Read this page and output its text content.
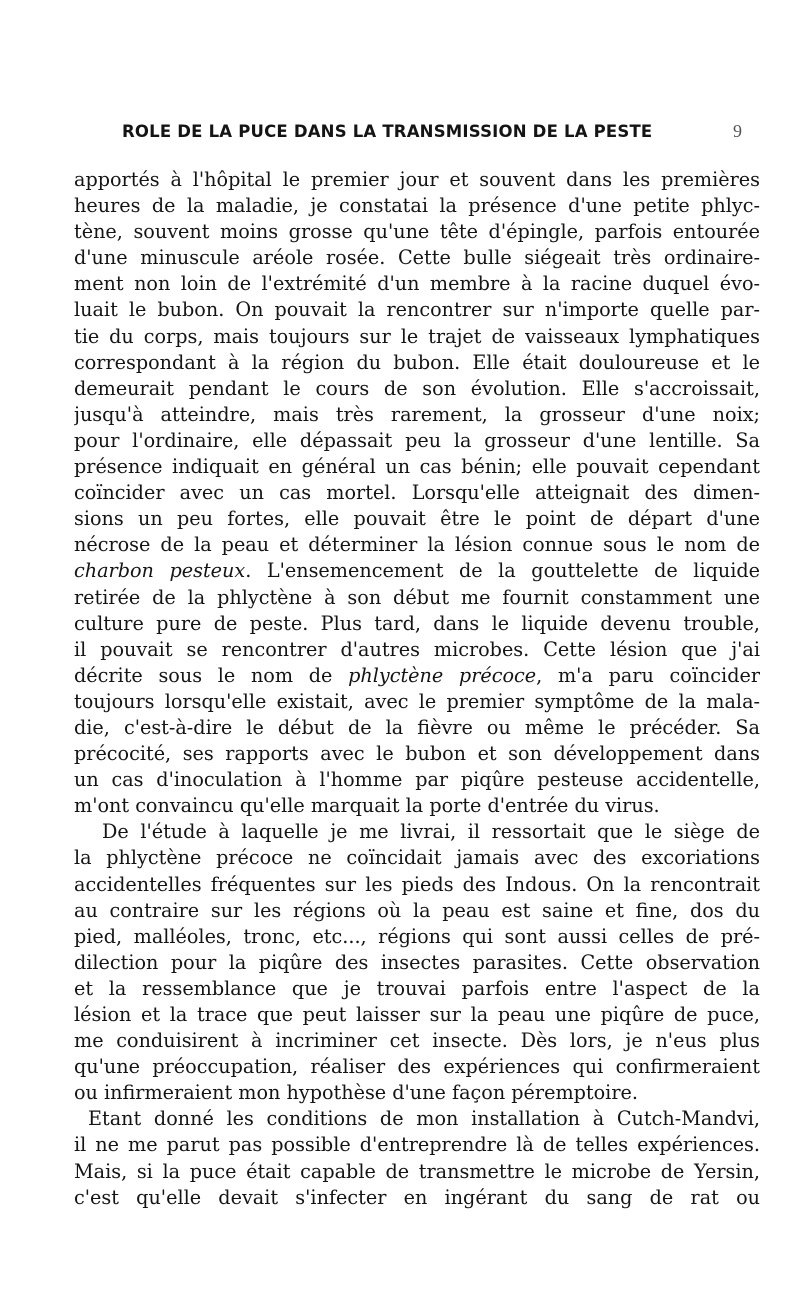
ROLE DE LA PUCE DANS LA TRANSMISSION DE LA PESTE	9
apportés à l'hôpital le premier jour et souvent dans les premières
heures de la maladie, je constatai la présence d'une petite phlyc-
tène, souvent moins grosse qu'une tête d'épingle, parfois entourée
d'une minuscule aréole rosée. Cette bulle siégeait très ordinaire-
ment non loin de l'extrémité d'un membre à la racine duquel évo-
luait le bubon. On pouvait la rencontrer sur n'importe quelle par-
tie du corps, mais toujours sur le trajet de vaisseaux lymphatiques
correspondant à la région du bubon. Elle était douloureuse et le
demeurait pendant le cours de son évolution. Elle s'accroissait,
jusqu'à atteindre, mais très rarement, la grosseur d'une noix;
pour l'ordinaire, elle dépassait peu la grosseur d'une lentille. Sa
présence indiquait en général un cas bénin; elle pouvait cependant
coïncider avec un cas mortel. Lorsqu'elle atteignait des dimen-
sions un peu fortes, elle pouvait être le point de départ d'une
nécrose de la peau et déterminer la lésion connue sous le nom de
charbon pesteux. L'ensemencement de la gouttelette de liquide
retirée de la phlyctène à son début me fournit constamment une
culture pure de peste. Plus tard, dans le liquide devenu trouble,
il pouvait se rencontrer d'autres microbes. Cette lésion que j'ai
décrite sous le nom de phlyctène précoce, m'a paru coïncider
toujours lorsqu'elle existait, avec le premier symptôme de la mala-
die, c'est-à-dire le début de la fièvre ou même le précéder. Sa
précocité, ses rapports avec le bubon et son développement dans
un cas d'inoculation à l'homme par piqûre pesteuse accidentelle,
m'ont convaincu qu'elle marquait la porte d'entrée du virus.
De l'étude à laquelle je me livrai, il ressortait que le siège de
la phlyctène précoce ne coïncidait jamais avec des excoriations
accidentelles fréquentes sur les pieds des Indous. On la rencontrait
au contraire sur les régions où la peau est saine et fine, dos du
pied, malléoles, tronc, etc..., régions qui sont aussi celles de pré-
dilection pour la piqûre des insectes parasites. Cette observation
et la ressemblance que je trouvai parfois entre l'aspect de la
lésion et la trace que peut laisser sur la peau une piqûre de puce,
me conduisirent à incriminer cet insecte. Dès lors, je n'eus plus
qu'une préoccupation, réaliser des expériences qui confirmeraient
ou infirmeraient mon hypothèse d'une façon péremptoire.
Etant donné les conditions de mon installation à Cutch-Mandvi,
il ne me parut pas possible d'entreprendre là de telles expériences.
Mais, si la puce était capable de transmettre le microbe de Yersin,
c'est qu'elle devait s'infecter en ingérant du sang de rat ou
